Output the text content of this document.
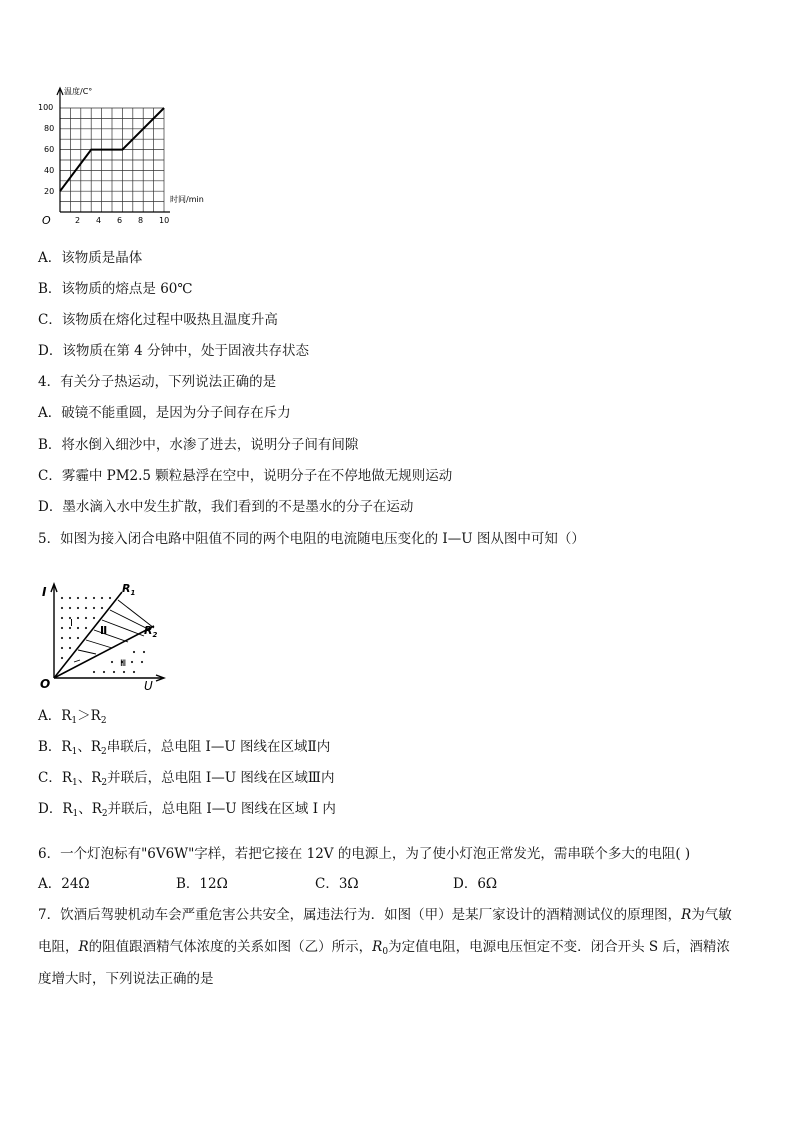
温度/C°
时间/min
O
20
40
60
80
100
2 4 6 8 10
A．该物质是晶体
B．该物质的熔点是 60℃
C．该物质在熔化过程中吸热且温度升高
D．该物质在第 4 分钟中，处于固液共存状态
4．有关分子热运动，下列说法正确的是
A．破镜不能重圆，是因为分子间存在斥力
B．将水倒入细沙中，水渗了进去，说明分子间有间隙
C．雾霾中 PM2.5 颗粒悬浮在空中，说明分子在不停地做无规则运动
D．墨水滴入水中发生扩散，我们看到的不是墨水的分子在运动
5．如图为接入闭合电路中阻值不同的两个电阻的电流随电压变化的 I—U 图从图中可知（）
I
U
O
$R_1$
$R_2$
Ⅰ
Ⅱ
Ⅲ
A．$R_1>R_2$
B．$R_1$、$R_2$串联后，总电阻 I—U 图线在区域Ⅱ内
C．$R_1$、$R_2$并联后，总电阻 I—U 图线在区域Ⅲ内
D．$R_1$、$R_2$并联后，总电阻 I—U 图线在区域 I 内
6．一个灯泡标有"6V6W"字样，若把它接在 12V 的电源上，为了使小灯泡正常发光，需串联个多大的电阻( )
A．24Ω	B．12Ω	C．3Ω	D．6Ω
7．饮酒后驾驶机动车会严重危害公共安全，属违法行为．如图（甲）是某厂家设计的酒精测试仪的原理图，R为气敏
电阻，R的阻值跟酒精气体浓度的关系如图（乙）所示，$R_0$为定值电阻，电源电压恒定不变．闭合开头 S 后，酒精浓
度增大时，下列说法正确的是
